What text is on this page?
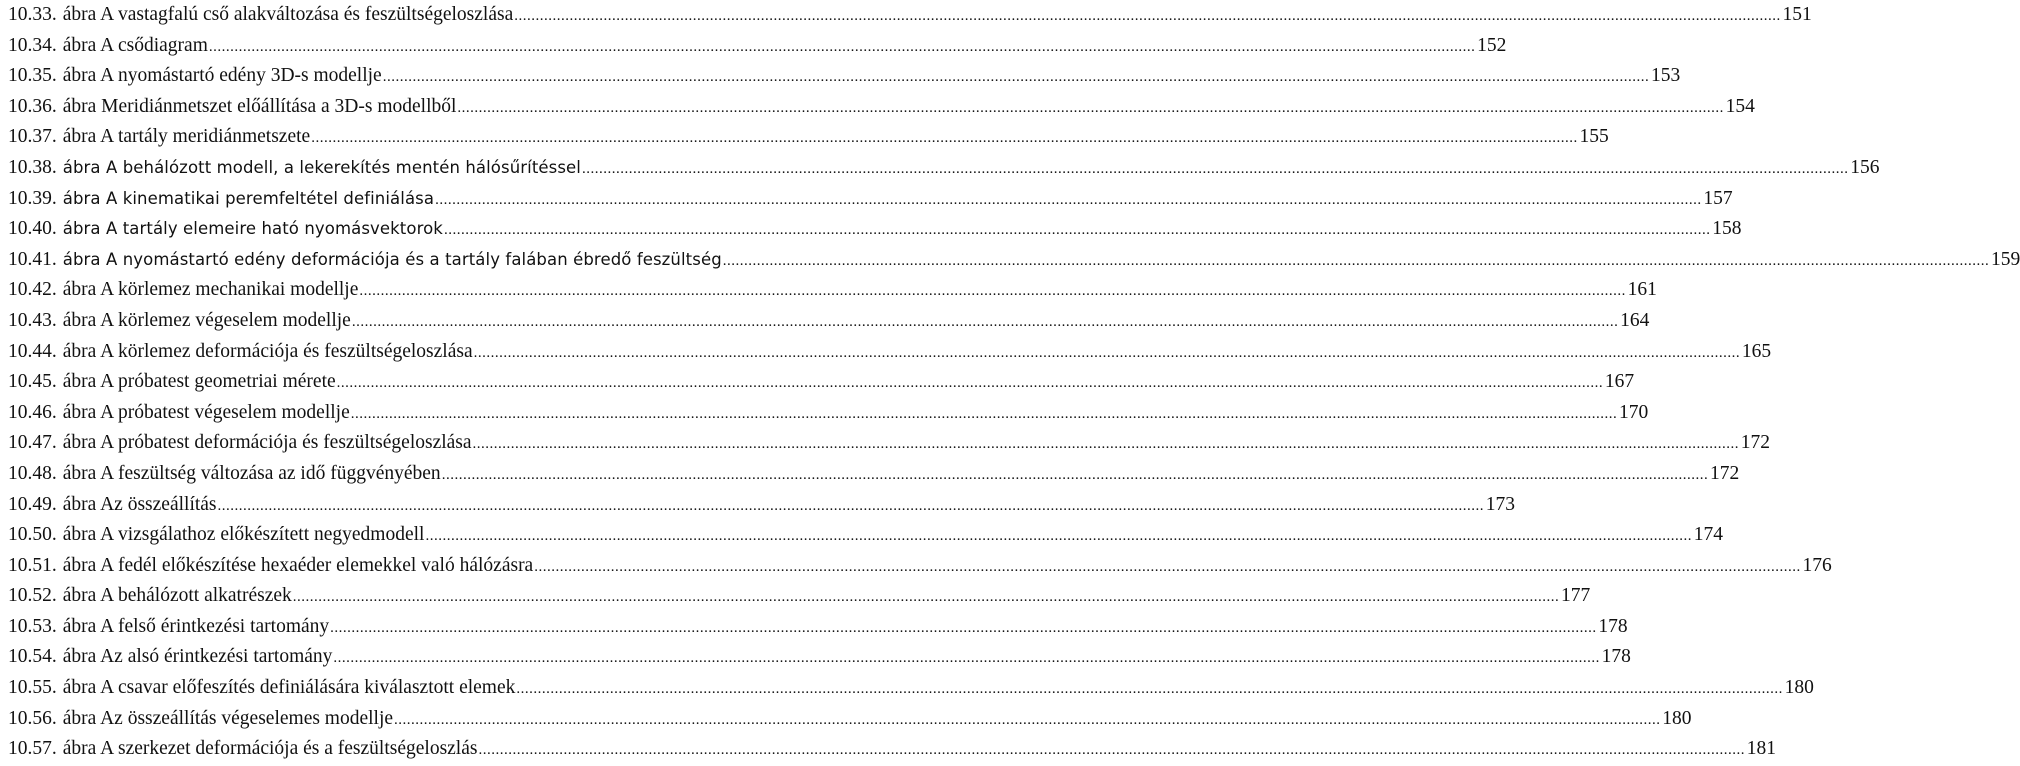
10.33. ábra A vastagfalú cső alakváltozása és feszültségeloszlása .....	151
10.34. ábra A csődiagram .....	152
10.35. ábra A nyomástartó edény 3D-s modellje .....	153
10.36. ábra Meridiánmetszet előállítása a 3D-s modellből .....	154
10.37. ábra A tartály meridiánmetszete .....	155
10.38. ábra A behálózott modell, a lekerekítés mentén hálósűrítéssel .....	156
10.39. ábra A kinematikai peremfeltétel definiálása .....	157
10.40. ábra A tartály elemeire ható nyomásvektorok .....	158
10.41. ábra A nyomástartó edény deformációja és a tartály falában ébredő feszültség .....	159
10.42. ábra A körlemez mechanikai modellje .....	161
10.43. ábra A körlemez végeselem modellje .....	164
10.44. ábra A körlemez deformációja és feszültségeloszlása .....	165
10.45. ábra A próbatest geometriai mérete .....	167
10.46. ábra A próbatest végeselem modellje .....	170
10.47. ábra A próbatest deformációja és feszültségeloszlása .....	172
10.48. ábra A feszültség változása az idő függvényében .....	172
10.49. ábra Az összeállítás .....	173
10.50. ábra A vizsgálathoz előkészített negyedmodell .....	174
10.51. ábra A fedél előkészítése hexaéder elemekkel való hálózásra .....	176
10.52. ábra A behálózott alkatrészek .....	177
10.53. ábra A felső érintkezési tartomány .....	178
10.54. ábra Az alsó érintkezési tartomány .....	178
10.55. ábra A csavar előfeszítés definiálására kiválasztott elemek .....	180
10.56. ábra Az összeállítás végeselemes modellje .....	180
10.57. ábra A szerkezet deformációja és a feszültségeloszlás .....	181
